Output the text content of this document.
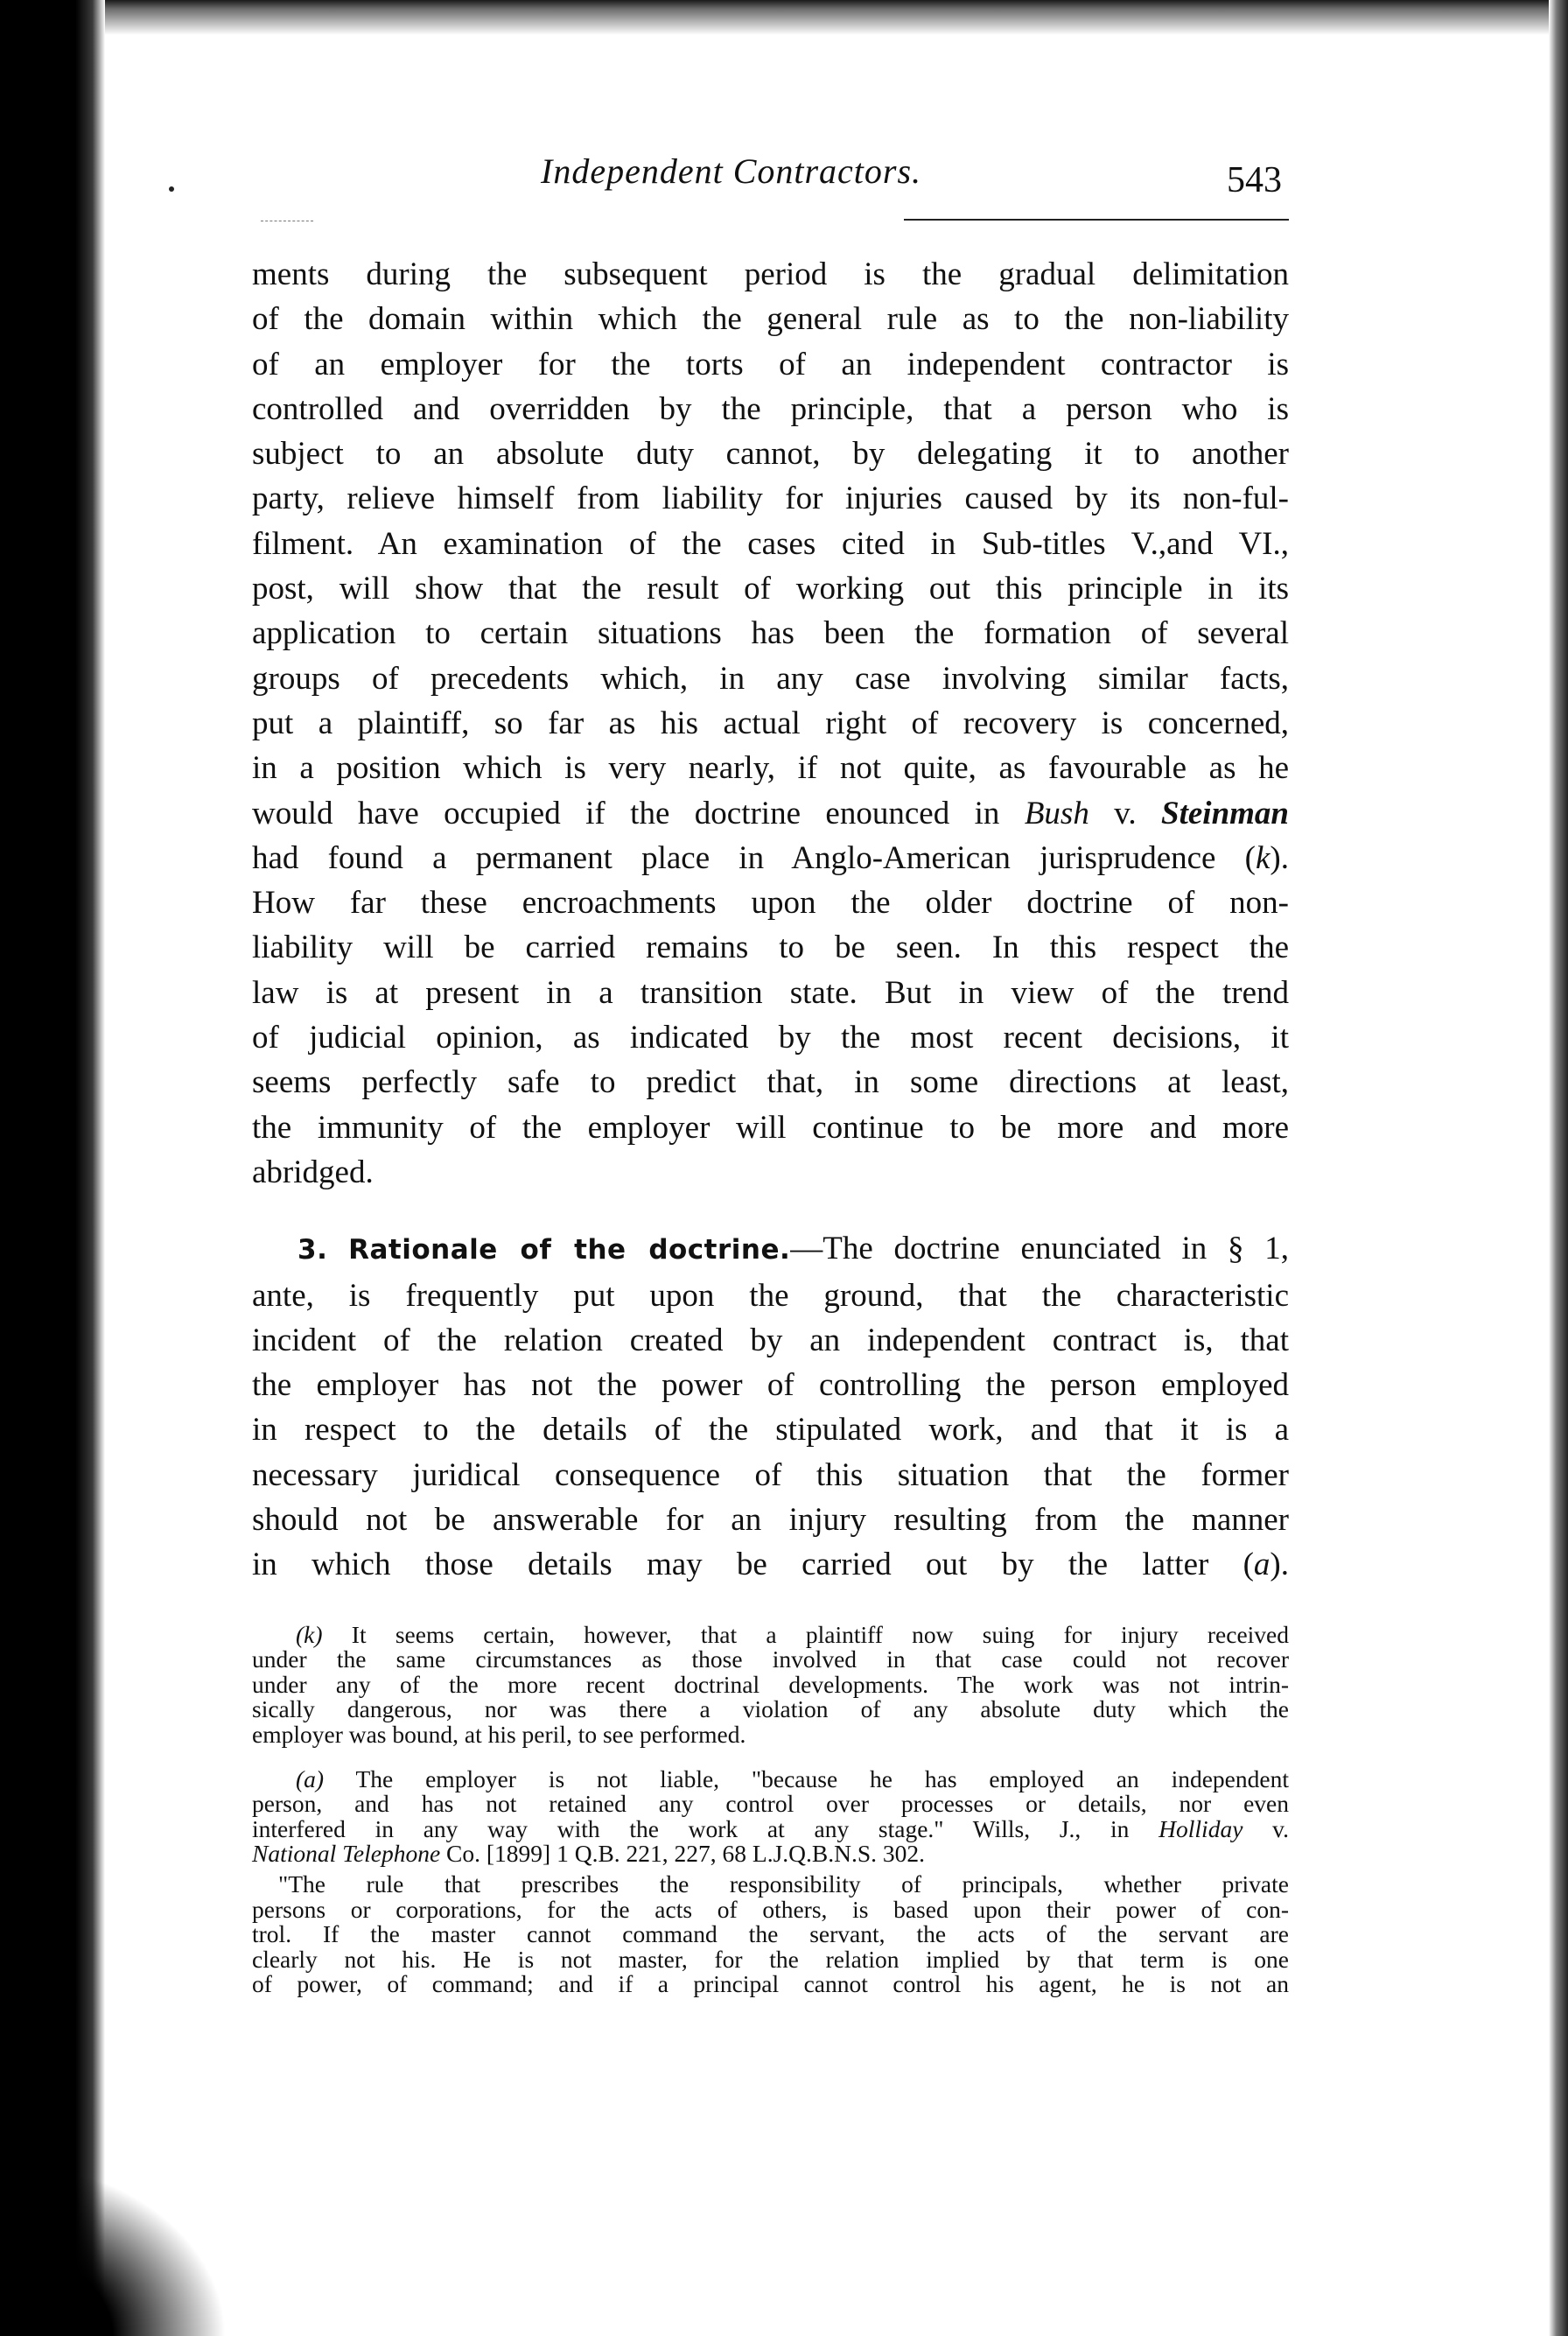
Independent Contractors.	543
ments during the subsequent period is the gradual delimitation
of the domain within which the general rule as to the non-liability
of an employer for the torts of an independent contractor is
controlled and overridden by the principle, that a person who is
subject to an absolute duty cannot, by delegating it to another
party, relieve himself from liability for injuries caused by its non-ful-
filment. An examination of the cases cited in Sub-titles V.,and VI.,
post, will show that the result of working out this principle in its
application to certain situations has been the formation of several
groups of precedents which, in any case involving similar facts,
put a plaintiff, so far as his actual right of recovery is concerned,
in a position which is very nearly, if not quite, as favourable as he
would have occupied if the doctrine enounced in Bush v. Steinman
had found a permanent place in Anglo-American jurisprudence (k).
How far these encroachments upon the older doctrine of non-
liability will be carried remains to be seen. In this respect the
law is at present in a transition state. But in view of the trend
of judicial opinion, as indicated by the most recent decisions, it
seems perfectly safe to predict that, in some directions at least,
the immunity of the employer will continue to be more and more
abridged.
3. Rationale of the doctrine.—The doctrine enunciated in § 1,
ante, is frequently put upon the ground, that the characteristic
incident of the relation created by an independent contract is, that
the employer has not the power of controlling the person employed
in respect to the details of the stipulated work, and that it is a
necessary juridical consequence of this situation that the former
should not be answerable for an injury resulting from the manner
in which those details may be carried out by the latter (a).
(k) It seems certain, however, that a plaintiff now suing for injury received
under the same circumstances as those involved in that case could not recover
under any of the more recent doctrinal developments. The work was not intrin-
sically dangerous, nor was there a violation of any absolute duty which the
employer was bound, at his peril, to see performed.
(a) The employer is not liable, "because he has employed an independent
person, and has not retained any control over processes or details, nor even
interfered in any way with the work at any stage." Wills, J., in Holliday v.
National Telephone Co. [1899] 1 Q.B. 221, 227, 68 L.J.Q.B.N.S. 302.
"The rule that prescribes the responsibility of principals, whether private
persons or corporations, for the acts of others, is based upon their power of con-
trol. If the master cannot command the servant, the acts of the servant are
clearly not his. He is not master, for the relation implied by that term is one
of power, of command; and if a principal cannot control his agent, he is not an
